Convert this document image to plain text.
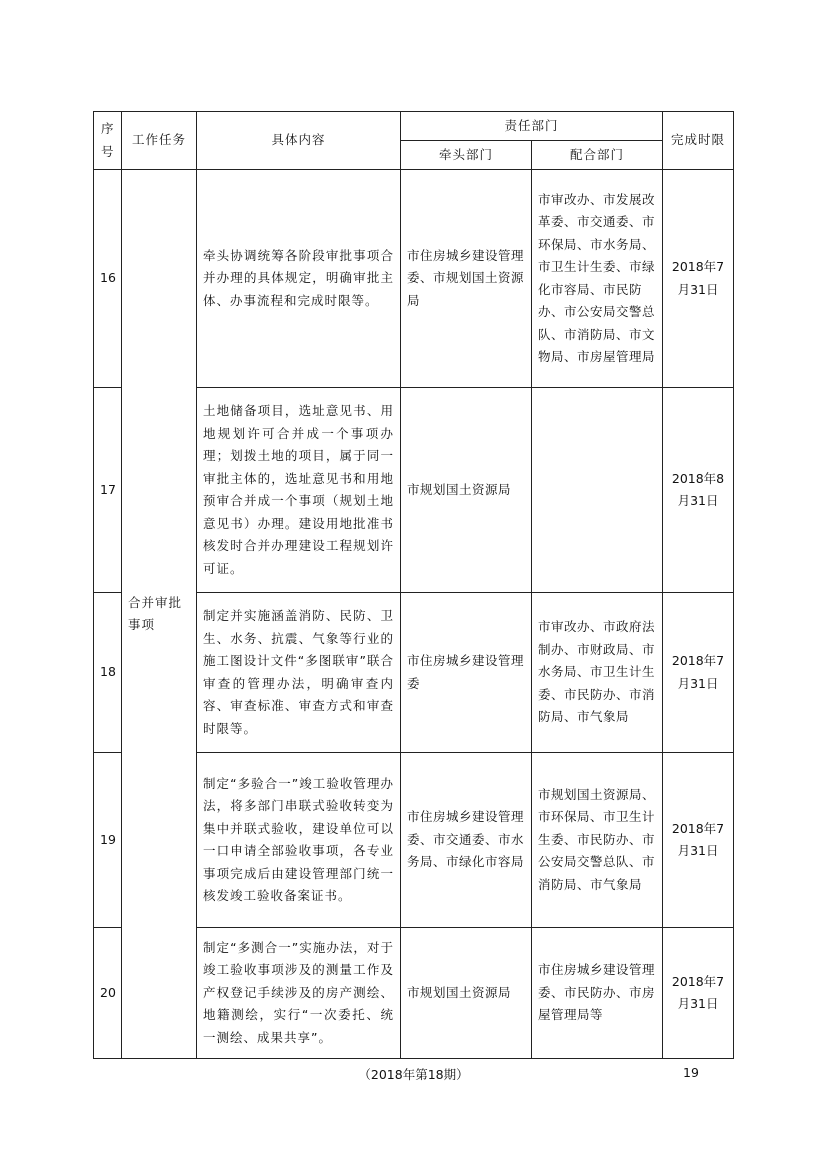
序号	工作任务	具体内容	责任部门		完成时限
			牵头部门	配合部门	
16	合并审批事项	牵头协调统筹各阶段审批事项合并办理的具体规定，明确审批主体、办事流程和完成时限等。	市住房城乡建设管理委、市规划国土资源局	市审改办、市发展改革委、市交通委、市环保局、市水务局、市卫生计生委、市绿化市容局、市民防办、市公安局交警总队、市消防局、市文物局、市房屋管理局	2018年7月31日
17		土地储备项目，选址意见书、用地规划许可合并成一个事项办理；划拨土地的项目，属于同一审批主体的，选址意见书和用地预审合并成一个事项（规划土地意见书）办理。建设用地批准书核发时合并办理建设工程规划许可证。	市规划国土资源局		2018年8月31日
18		制定并实施涵盖消防、民防、卫生、水务、抗震、气象等行业的施工图设计文件“多图联审”联合审查的管理办法，明确审查内容、审查标准、审查方式和审查时限等。	市住房城乡建设管理委	市审改办、市政府法制办、市财政局、市水务局、市卫生计生委、市民防办、市消防局、市气象局	2018年7月31日
19		制定“多验合一”竣工验收管理办法，将多部门串联式验收转变为集中并联式验收，建设单位可以一口申请全部验收事项，各专业事项完成后由建设管理部门统一核发竣工验收备案证书。	市住房城乡建设管理委、市交通委、市水务局、市绿化市容局	市规划国土资源局、市环保局、市卫生计生委、市民防办、市公安局交警总队、市消防局、市气象局	2018年7月31日
20		制定“多测合一”实施办法，对于竣工验收事项涉及的测量工作及产权登记手续涉及的房产测绘、地籍测绘，实行“一次委托、统一测绘、成果共享”。	市规划国土资源局	市住房城乡建设管理委、市民防办、市房屋管理局等	2018年7月31日
（2018年第18期）	19
